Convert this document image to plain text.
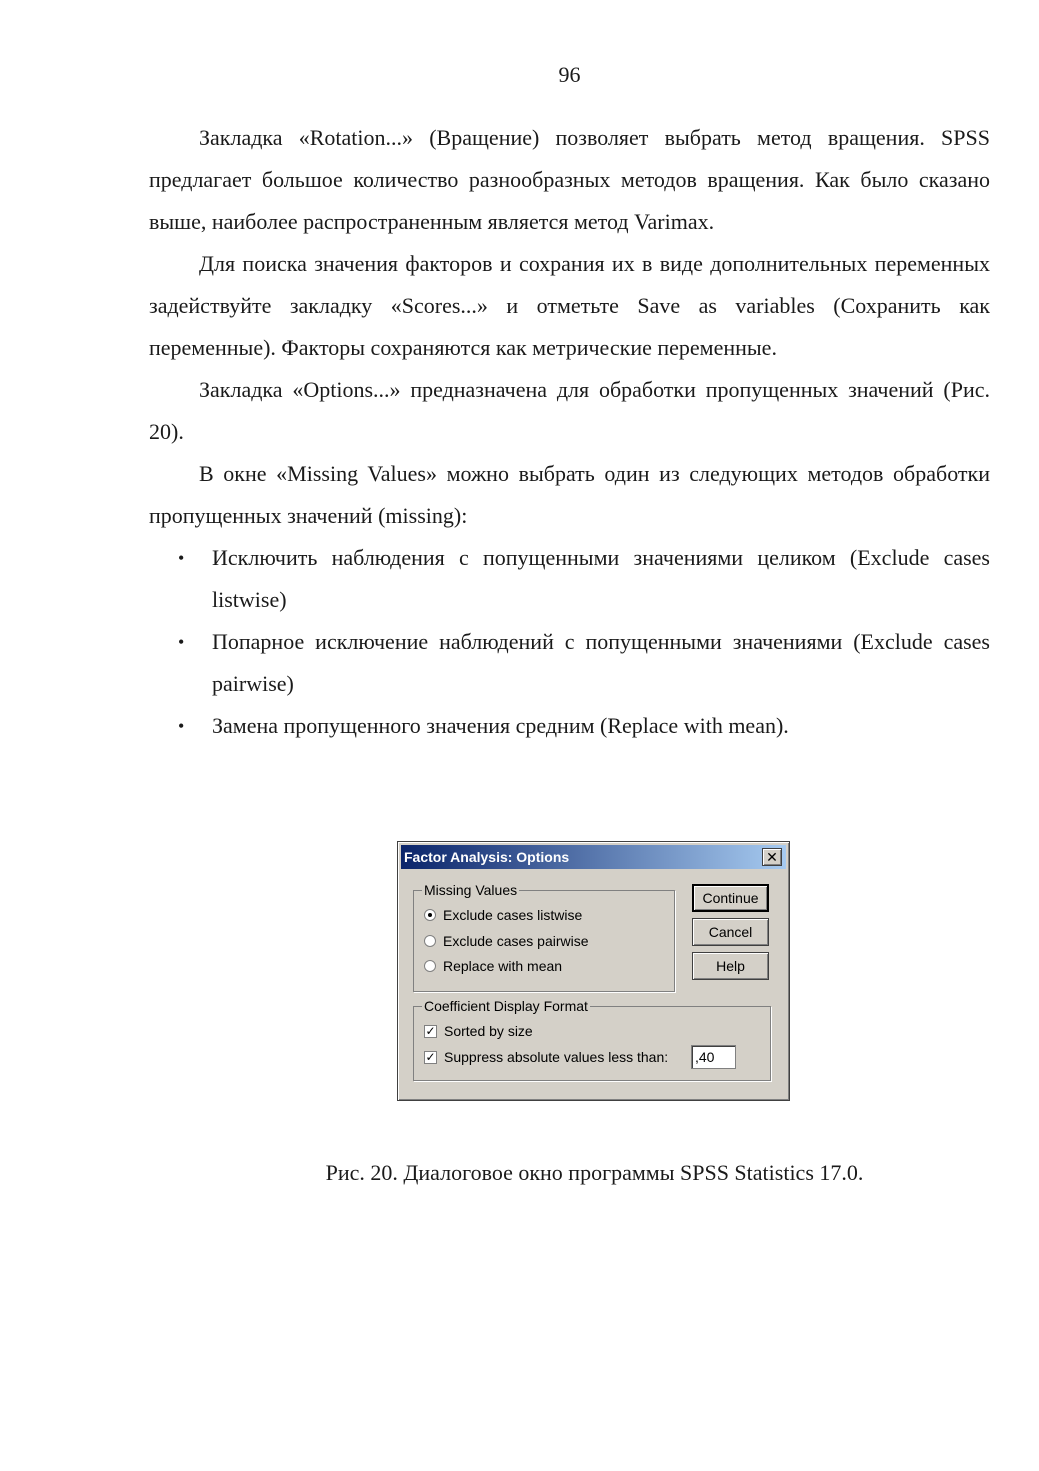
96

Закладка «Rotation...» (Вращение) позволяет выбрать метод вращения. SPSS предлагает большое количество разнообразных методов вращения. Как было сказано выше, наиболее распространенным является метод Varimax.

Для поиска значения факторов и сохрания их в виде дополнительных переменных задействуйте закладку «Scores...» и отметьте Save as variables (Сохранить как переменные). Факторы сохраняются как метрические переменные.

Закладка «Options...» предназначена для обработки пропущенных значений (Рис. 20).

В окне «Missing Values» можно выбрать один из следующих методов обработки пропущенных значений (missing):

• Исключить наблюдения с попущенными значениями целиком (Exclude cases listwise)
• Попарное исключение наблюдений с попущенными значениями (Exclude cases pairwise)
• Замена пропущенного значения средним (Replace with mean).
Factor Analysis: Options	✕
Missing Values
Exclude cases listwise
Exclude cases pairwise
Replace with mean
Continue
Cancel
Help
Coefficient Display Format
✓ Sorted by size
✓ Suppress absolute values less than: ,40
Рис. 20. Диалоговое окно программы SPSS Statistics 17.0.
